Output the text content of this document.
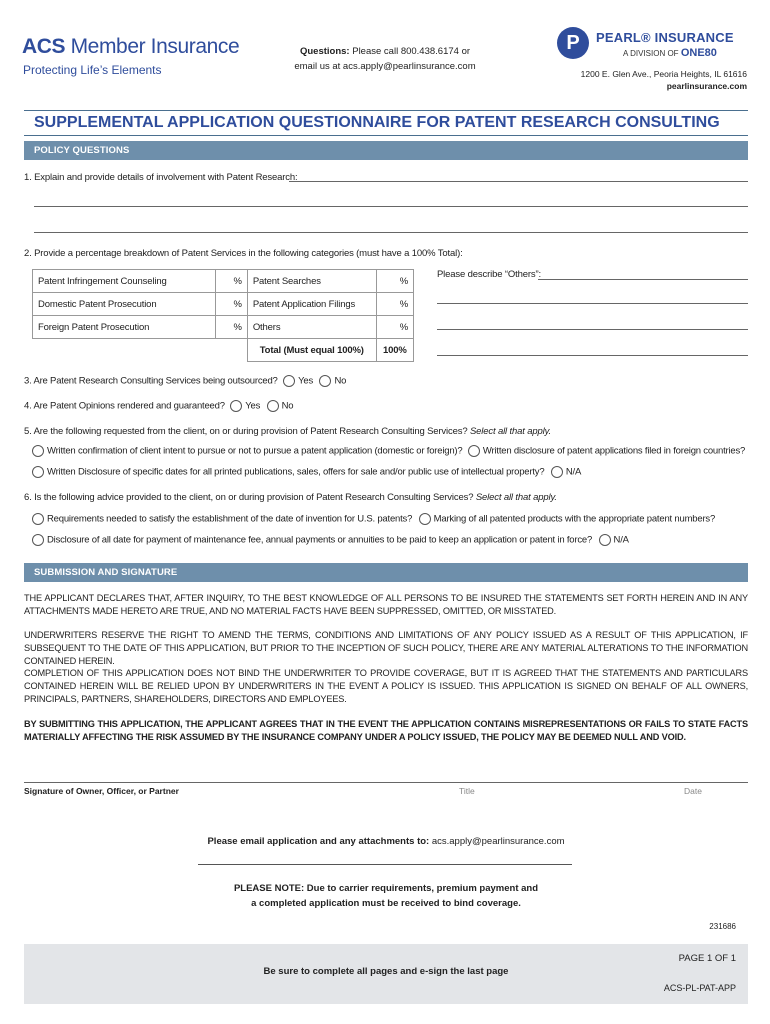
ACS Member Insurance
Protecting Life’s Elements
Questions: Please call 800.438.6174 or
email us at acs.apply@pearlinsurance.com
P	PEARL® INSURANCE
A DIVISION OF ONE80
1200 E. Glen Ave., Peoria Heights, IL 61616
pearlinsurance.com
SUPPLEMENTAL APPLICATION QUESTIONNAIRE FOR PATENT RESEARCH CONSULTING
POLICY QUESTIONS
1. Explain and provide details of involvement with Patent Research:
2. Provide a percentage breakdown of Patent Services in the following categories (must have a 100% Total):
Patent Infringement Counseling	%	Patent Searches	%
Domestic Patent Prosecution	%	Patent Application Filings	%
Foreign Patent Prosecution	%	Others	%
		Total (Must equal 100%)	100%
Please describe “Others”:
3. Are Patent Research Consulting Services being outsourced? Yes No
4. Are Patent Opinions rendered and guaranteed? Yes No
5. Are the following requested from the client, on or during provision of Patent Research Consulting Services? Select all that apply.
Written confirmation of client intent to pursue or not to pursue a patent application (domestic or foreign)? Written disclosure of patent applications filed in foreign countries?
Written Disclosure of specific dates for all printed publications, sales, offers for sale and/or public use of intellectual property? N/A
6. Is the following advice provided to the client, on or during provision of Patent Research Consulting Services? Select all that apply.
Requirements needed to satisfy the establishment of the date of invention for U.S. patents? Marking of all patented products with the appropriate patent numbers?
Disclosure of all date for payment of maintenance fee, annual payments or annuities to be paid to keep an application or patent in force? N/A
SUBMISSION AND SIGNATURE
THE APPLICANT DECLARES THAT, AFTER INQUIRY, TO THE BEST KNOWLEDGE OF ALL PERSONS TO BE INSURED THE STATEMENTS SET FORTH HEREIN AND IN ANY ATTACHMENTS MADE HERETO ARE TRUE, AND NO MATERIAL FACTS HAVE BEEN SUPPRESSED, OMITTED, OR MISSTATED.
UNDERWRITERS RESERVE THE RIGHT TO AMEND THE TERMS, CONDITIONS AND LIMITATIONS OF ANY POLICY ISSUED AS A RESULT OF THIS APPLICATION, IF SUBSEQUENT TO THE DATE OF THIS APPLICATION, BUT PRIOR TO THE INCEPTION OF SUCH POLICY, THERE ARE ANY MATERIAL ALTERATIONS TO THE INFORMATION CONTAINED HEREIN.
COMPLETION OF THIS APPLICATION DOES NOT BIND THE UNDERWRITER TO PROVIDE COVERAGE, BUT IT IS AGREED THAT THE STATEMENTS AND PARTICULARS CONTAINED HEREIN WILL BE RELIED UPON BY UNDERWRITERS IN THE EVENT A POLICY IS ISSUED. THIS APPLICATION IS SIGNED ON BEHALF OF ALL OWNERS, PRINCIPALS, PARTNERS, SHAREHOLDERS, DIRECTORS AND EMPLOYEES.
BY SUBMITTING THIS APPLICATION, THE APPLICANT AGREES THAT IN THE EVENT THE APPLICATION CONTAINS MISREPRESENTATIONS OR FAILS TO STATE FACTS MATERIALLY AFFECTING THE RISK ASSUMED BY THE INSURANCE COMPANY UNDER A POLICY ISSUED, THE POLICY MAY BE DEEMED NULL AND VOID.
Signature of Owner, Officer, or Partner	Title	Date
Please email application and any attachments to: acs.apply@pearlinsurance.com
PLEASE NOTE: Due to carrier requirements, premium payment and
a completed application must be received to bind coverage.
231686
PAGE 1 OF 1
Be sure to complete all pages and e-sign the last page
ACS-PL-PAT-APP
